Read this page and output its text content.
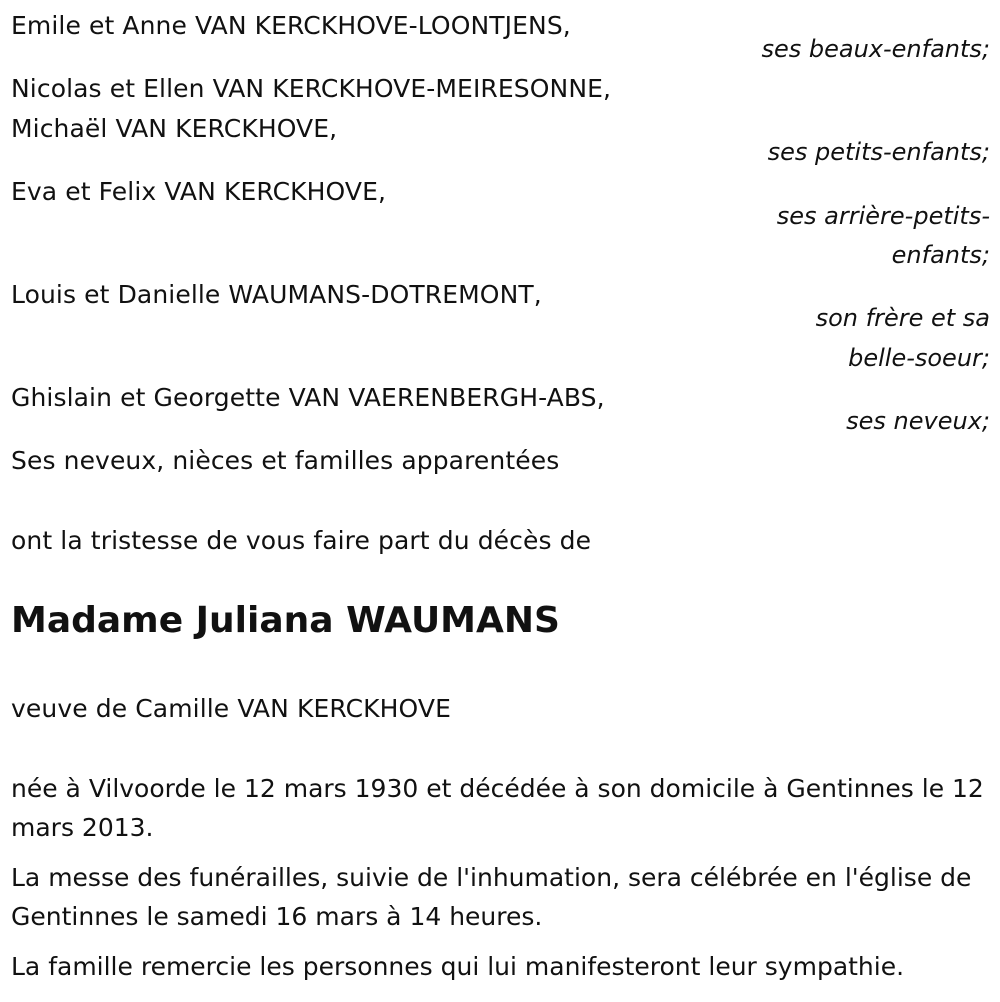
Emile et Anne VAN KERCKHOVE-LOONTJENS,
ses beaux-enfants;
Nicolas et Ellen VAN KERCKHOVE-MEIRESONNE,
Michaël VAN KERCKHOVE,
ses petits-enfants;
Eva et Felix VAN KERCKHOVE,
ses arrière-petits-
enfants;
Louis et Danielle WAUMANS-DOTREMONT,
son frère et sa
belle-soeur;
Ghislain et Georgette VAN VAERENBERGH-ABS,
ses neveux;
Ses neveux, nièces et familles apparentées
ont la tristesse de vous faire part du décès de
Madame Juliana WAUMANS
veuve de Camille VAN KERCKHOVE
née à Vilvoorde le 12 mars 1930 et décédée à son domicile à Gentinnes le 12 mars 2013.
La messe des funérailles, suivie de l'inhumation, sera célébrée en l'église de Gentinnes le samedi 16 mars à 14 heures.
La famille remercie les personnes qui lui manifesteront leur sympathie.
